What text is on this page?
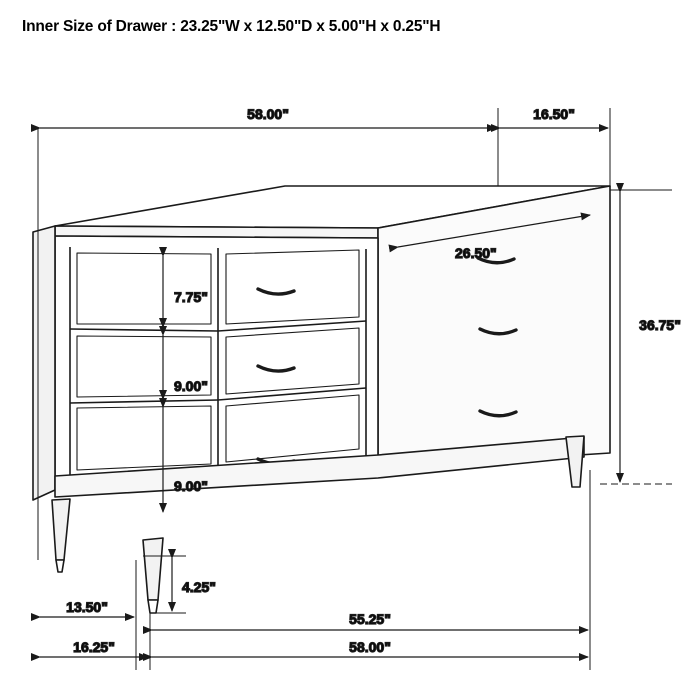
Inner Size of Drawer : 23.25"W x 12.50"D x 5.00"H x 0.25"H
58.00"	16.50"
36.75"
26.50"
7.75"
9.00"
9.00"
4.25"
13.50"
55.25"
16.25"	58.00"
